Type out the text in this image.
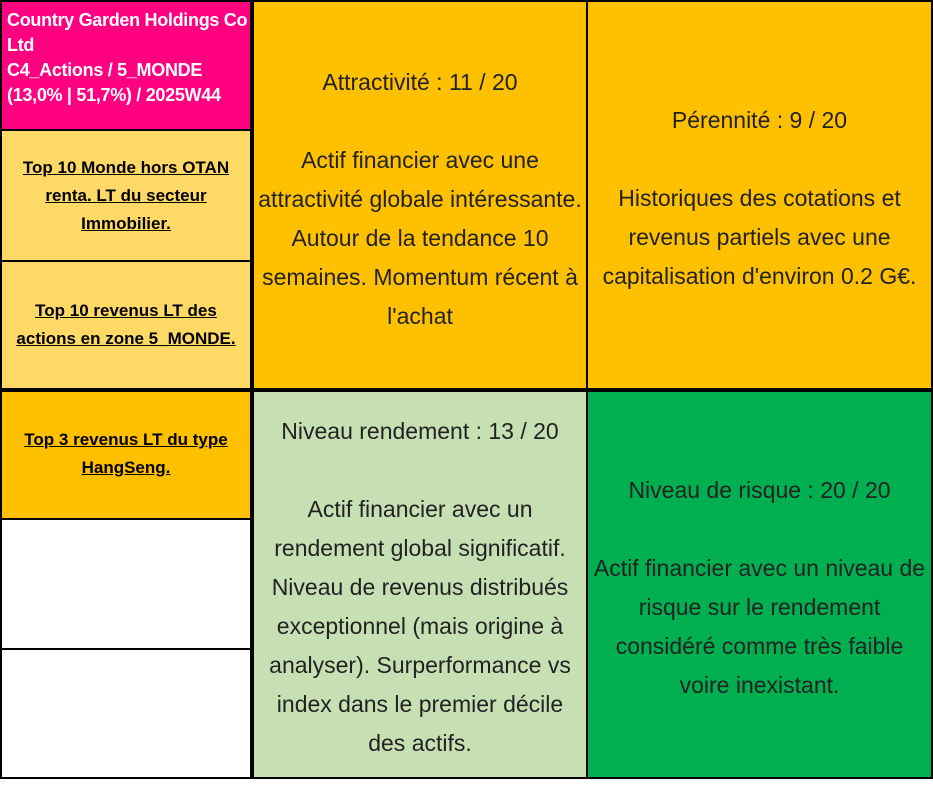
Country Garden Holdings Co
Ltd
C4_Actions / 5_MONDE
(13,0% | 51,7%) / 2025W44
Top 10 Monde hors OTAN renta. LT du secteur Immobilier.
Top 10 revenus LT des actions en zone 5_MONDE.
Top 3 revenus LT du type HangSeng.
Attractivité : 11 / 20
Actif financier avec une attractivité globale intéressante. Autour de la tendance 10 semaines. Momentum récent à l'achat
Pérennité : 9 / 20
Historiques des cotations et revenus partiels avec une capitalisation d'environ 0.2 G€.
Niveau rendement : 13 / 20
Actif financier avec un rendement global significatif. Niveau de revenus distribués exceptionnel (mais origine à analyser). Surperformance vs index dans le premier décile des actifs.
Niveau de risque : 20 / 20
Actif financier avec un niveau de risque sur le rendement considéré comme très faible voire inexistant.
